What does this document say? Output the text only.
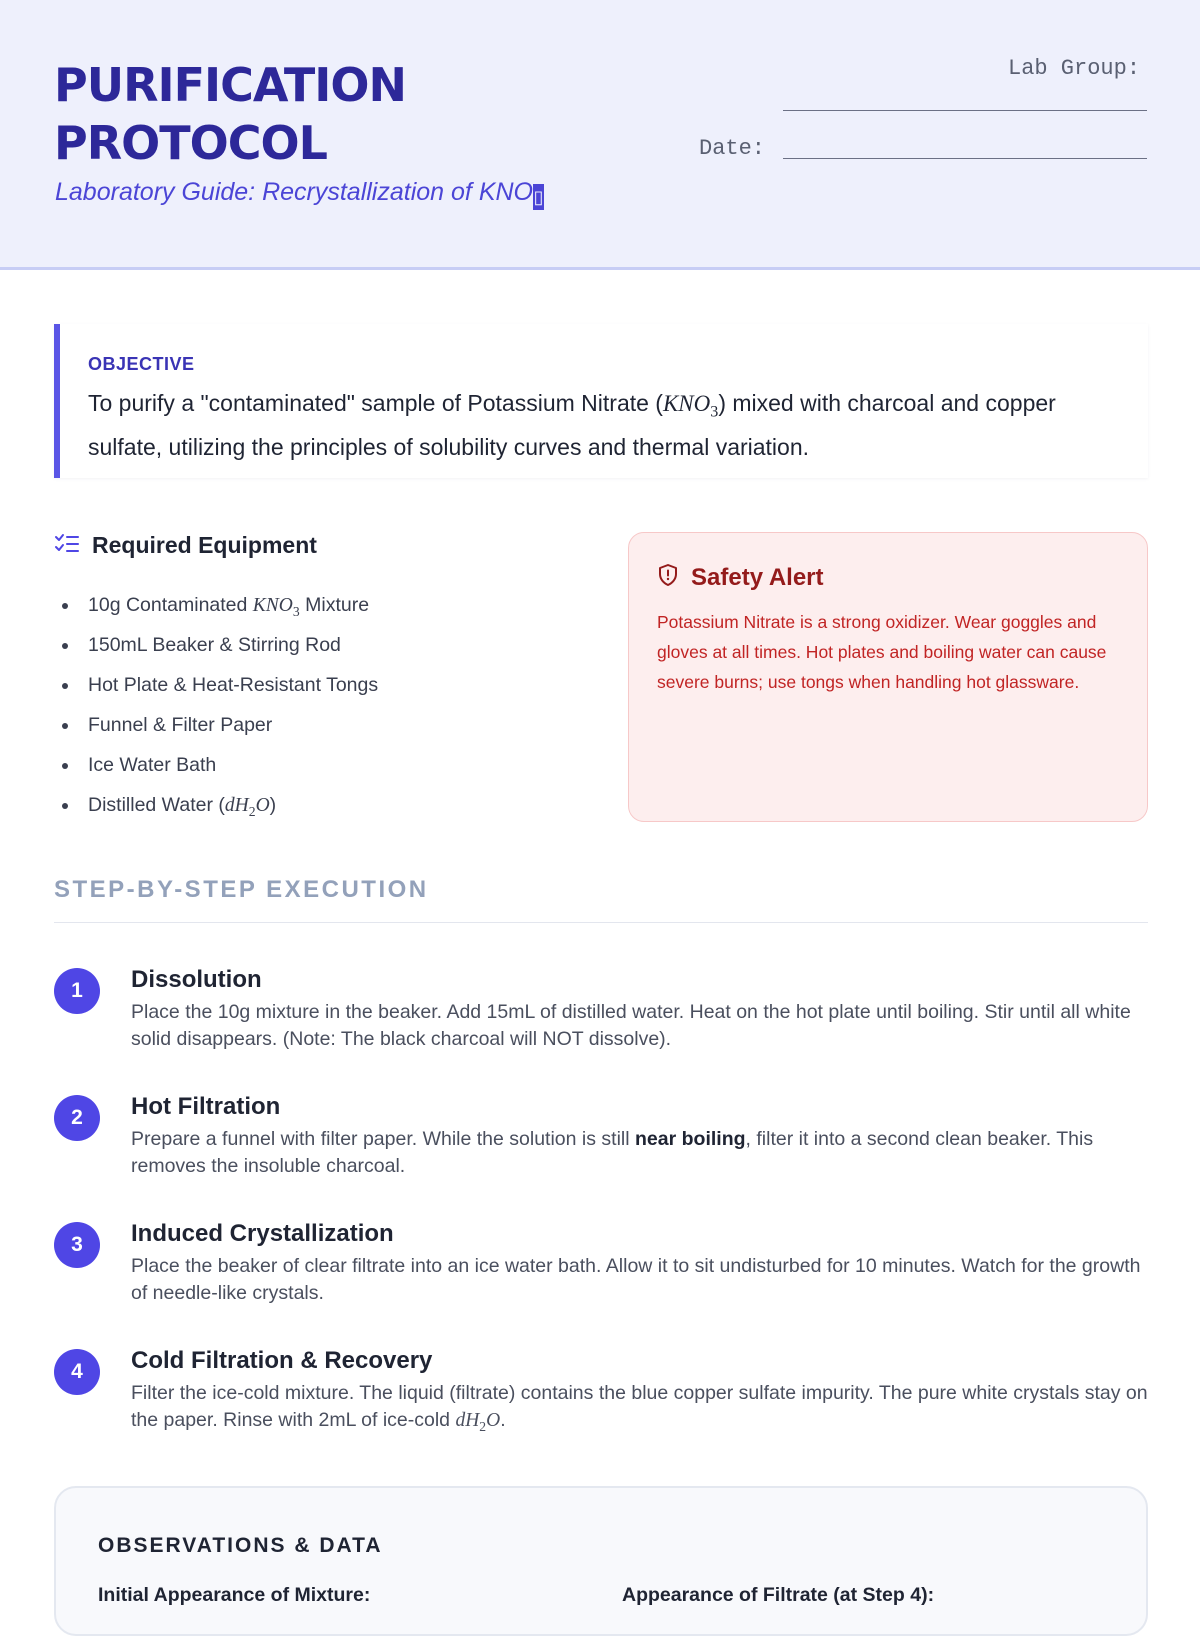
PURIFICATION
PROTOCOL
Laboratory Guide: Recrystallization of KNO▯
Lab Group:
Date:
OBJECTIVE
To purify a "contaminated" sample of Potassium Nitrate $(KNO_3)$ mixed with charcoal and copper sulfate, utilizing the principles of solubility curves and thermal variation.
Required Equipment
10g Contaminated $KNO_3$ Mixture
150mL Beaker & Stirring Rod
Hot Plate & Heat-Resistant Tongs
Funnel & Filter Paper
Ice Water Bath
Distilled Water $(dH_2O)$
Safety Alert
Potassium Nitrate is a strong oxidizer. Wear goggles and gloves at all times. Hot plates and boiling water can cause severe burns; use tongs when handling hot glassware.
STEP-BY-STEP EXECUTION
1	Dissolution
Place the 10g mixture in the beaker. Add 15mL of distilled water. Heat on the hot plate until boiling. Stir until all white solid disappears. (Note: The black charcoal will NOT dissolve).
2	Hot Filtration
Prepare a funnel with filter paper. While the solution is still near boiling, filter it into a second clean beaker. This removes the insoluble charcoal.
3	Induced Crystallization
Place the beaker of clear filtrate into an ice water bath. Allow it to sit undisturbed for 10 minutes. Watch for the growth of needle-like crystals.
4	Cold Filtration & Recovery
Filter the ice-cold mixture. The liquid (filtrate) contains the blue copper sulfate impurity. The pure white crystals stay on the paper. Rinse with 2mL of ice-cold $dH_2O$.
OBSERVATIONS & DATA
Initial Appearance of Mixture:	Appearance of Filtrate (at Step 4):
